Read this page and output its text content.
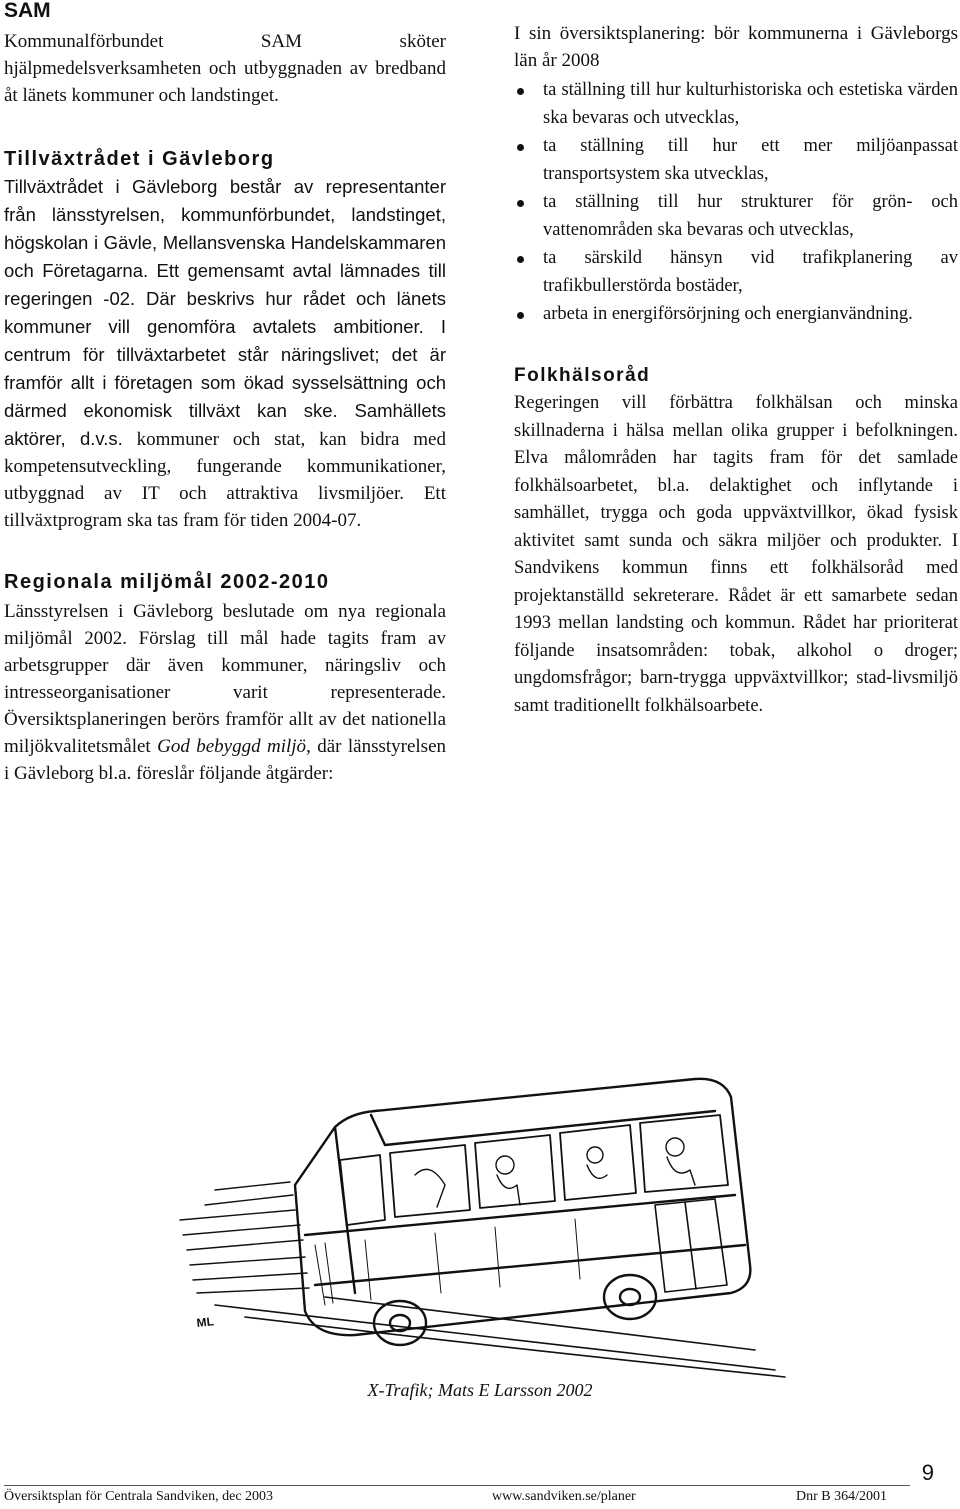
SAM

Kommunalförbundet SAM sköter hjälpmedelsverksamheten och utbyggnaden av bredband åt länets kommuner och landstinget.

Tillväxtrådet i Gävleborg

Tillväxtrådet i Gävleborg består av representanter från länsstyrelsen, kommunförbundet, landstinget, högskolan i Gävle, Mellansvenska Handelskammaren och Företagarna. Ett gemensamt avtal lämnades till regeringen -02. Där beskrivs hur rådet och länets kommuner vill genomföra avtalets ambitioner. I centrum för tillväxtarbetet står näringslivet; det är framför allt i företagen som ökad sysselsättning och därmed ekonomisk tillväxt kan ske. Samhällets aktörer, d.v.s. kommuner och stat, kan bidra med kompetensutveckling, fungerande kommunikationer, utbyggnad av IT och attraktiva livsmiljöer. Ett tillväxtprogram ska tas fram för tiden 2004-07.

Regionala miljömål 2002-2010

Länsstyrelsen i Gävleborg beslutade om nya regionala miljömål 2002. Förslag till mål hade tagits fram av arbetsgrupper där även kommuner, näringsliv och intresseorganisationer varit representerade. Översiktsplaneringen berörs framför allt av det nationella miljökvalitetsmålet God bebyggd miljö, där länsstyrelsen i Gävleborg bl.a. föreslår följande åtgärder:

I sin översiktsplanering: bör kommunerna i Gävleborgs län år 2008

ta ställning till hur kulturhistoriska och estetiska värden ska bevaras och utvecklas,
ta ställning till hur ett mer miljöanpassat transportsystem ska utvecklas,
ta ställning till hur strukturer för grön- och vattenområden ska bevaras och utvecklas,
ta särskild hänsyn vid trafikplanering av trafikbullerstörda bostäder,
arbeta in energiförsörjning och energianvändning.
Folkhälsoråd

Regeringen vill förbättra folkhälsan och minska skillnaderna i hälsa mellan olika grupper i befolkningen. Elva målområden har tagits fram för det samlade folkhälsoarbetet, bl.a. delaktighet och inflytande i samhället, trygga och goda uppväxtvillkor, ökad fysisk aktivitet samt sunda och säkra miljöer och produkter. I Sandvikens kommun finns ett folkhälsoråd med projektanställd sekreterare. Rådet är ett samarbete sedan 1993 mellan landsting och kommun. Rådet har prioriterat följande insatsområden: tobak, alkohol o droger; ungdomsfrågor; barn-trygga uppväxtvillkor; stad-livsmiljö samt traditionellt folkhälsoarbete.

ML
X-Trafik; Mats E Larsson 2002
9
Översiktsplan för Centrala Sandviken, dec 2003	www.sandviken.se/planer	Dnr B 364/2001
